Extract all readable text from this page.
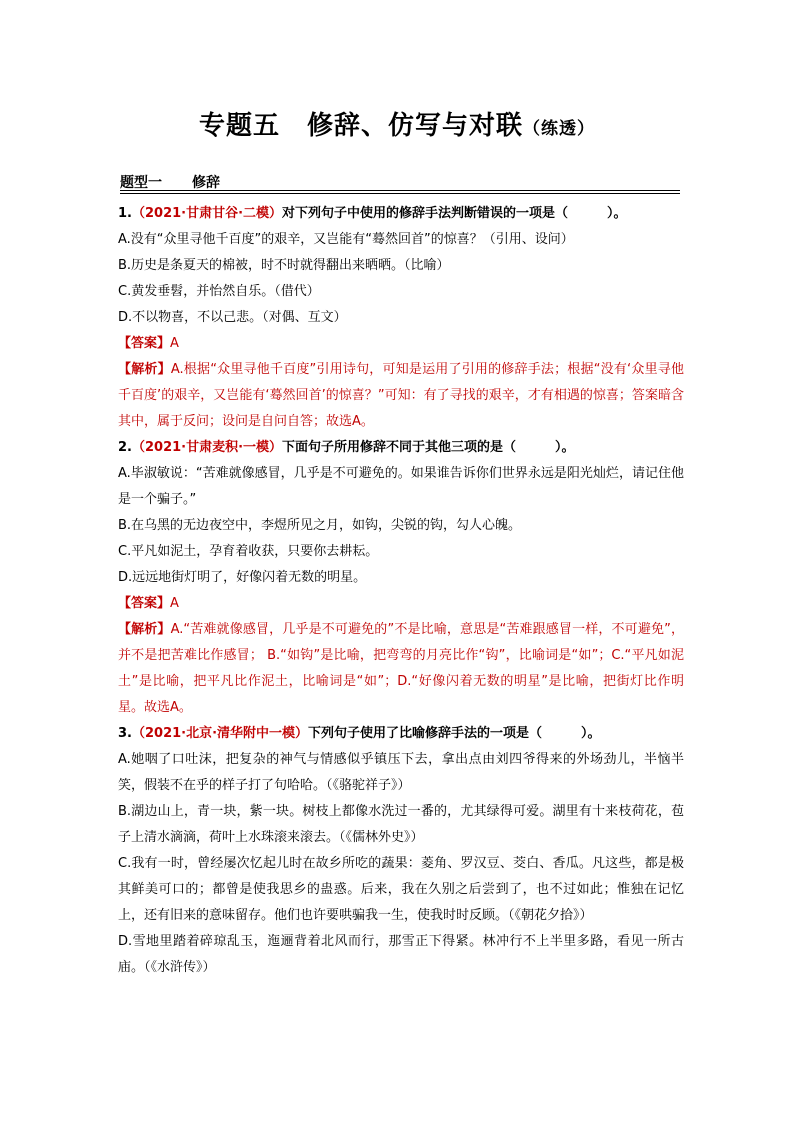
专题五　修辞、仿写与对联（练透）
题型一 修辞

1.（2021·甘肃甘谷·二模）对下列句子中使用的修辞手法判断错误的一项是（　　　）。

A.没有“众里寻他千百度”的艰辛，又岂能有“蓦然回首”的惊喜？（引用、设问）

B.历史是条夏天的棉被，时不时就得翻出来晒晒。（比喻）

C.黄发垂髫，并怡然自乐。（借代）

D.不以物喜，不以己悲。（对偶、互文）

【答案】A

【解析】A.根据“众里寻他千百度”引用诗句，可知是运用了引用的修辞手法；根据“没有‘众里寻他千百度’的艰辛，又岂能有‘蓦然回首’的惊喜？”可知：有了寻找的艰辛，才有相遇的惊喜；答案暗含其中，属于反问；设问是自问自答；故选A。

2.（2021·甘肃麦积·一模）下面句子所用修辞不同于其他三项的是（　　　）。

A.毕淑敏说：“苦难就像感冒，几乎是不可避免的。如果谁告诉你们世界永远是阳光灿烂，请记住他是一个骗子。”

B.在乌黑的无边夜空中，李煜所见之月，如钩，尖锐的钩，勾人心魄。

C.平凡如泥土，孕育着收获，只要你去耕耘。

D.远远地街灯明了，好像闪着无数的明星。

【答案】A

【解析】A.“苦难就像感冒，几乎是不可避免的”不是比喻，意思是“苦难跟感冒一样，不可避免”，并不是把苦难比作感冒； B.“如钩”是比喻，把弯弯的月亮比作“钩”，比喻词是“如”；C.“平凡如泥土”是比喻，把平凡比作泥土，比喻词是“如”；D.“好像闪着无数的明星”是比喻，把街灯比作明星。故选A。

3.（2021·北京·清华附中一模）下列句子使用了比喻修辞手法的一项是（　　　）。

A.她咽了口吐沫，把复杂的神气与情感似乎镇压下去，拿出点由刘四爷得来的外场劲儿，半恼半笑，假装不在乎的样子打了句哈哈。（《骆驼祥子》）

B.湖边山上，青一块，紫一块。树枝上都像水洗过一番的，尤其绿得可爱。湖里有十来枝荷花，苞子上清水滴滴，荷叶上水珠滚来滚去。（《儒林外史》）

C.我有一时，曾经屡次忆起儿时在故乡所吃的蔬果：菱角、罗汉豆、茭白、香瓜。凡这些，都是极其鲜美可口的；都曾是使我思乡的蛊惑。后来，我在久别之后尝到了，也不过如此；惟独在记忆上，还有旧来的意味留存。他们也许要哄骗我一生，使我时时反顾。（《朝花夕拾》）

D.雪地里踏着碎琼乱玉，迤逦背着北风而行，那雪正下得紧。林冲行不上半里多路，看见一所古庙。（《水浒传》）
